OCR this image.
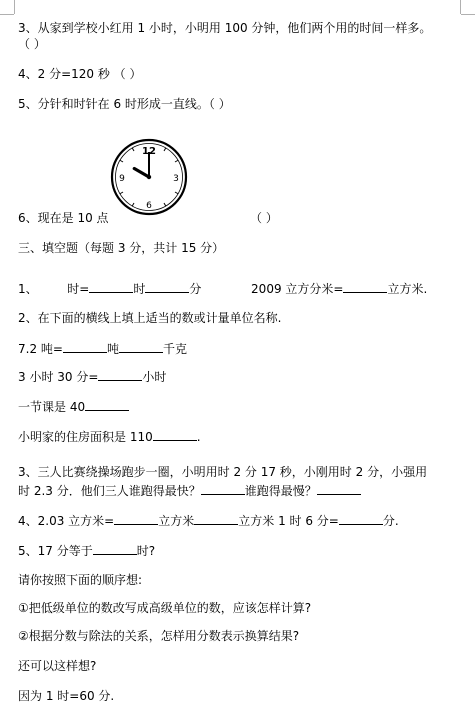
3、从家到学校小红用 1 小时，小明用 100 分钟，他们两个用的时间一样多。
（ ）
4、2 分=120 秒 （ ）
5、分针和时针在 6 时形成一直线。（ ）
12
3
6
9
6、现在是 10 点	（ ）
三、填空题（每题 3 分，共计 15 分）
1、 时=	时	分	2009 立方分米=	立方米.
2、在下面的横线上填上适当的数或计量单位名称.
7.2 吨=	吨	千克
3 小时 30 分=	小时
一节课是 40
小明家的住房面积是 110	.
3、三人比赛绕操场跑步一圈，小明用时 2 分 17 秒，小刚用时 2 分，小强用
时 2.3 分．他们三人谁跑得最快？	谁跑得最慢？
4、2.03 立方米=	立方米	立方米 1 时 6 分=	分.
5、17 分等于	时?
请你按照下面的顺序想:
①把低级单位的数改写成高级单位的数，应该怎样计算?
②根据分数与除法的关系，怎样用分数表示换算结果?
还可以这样想?
因为 1 时=60 分.
